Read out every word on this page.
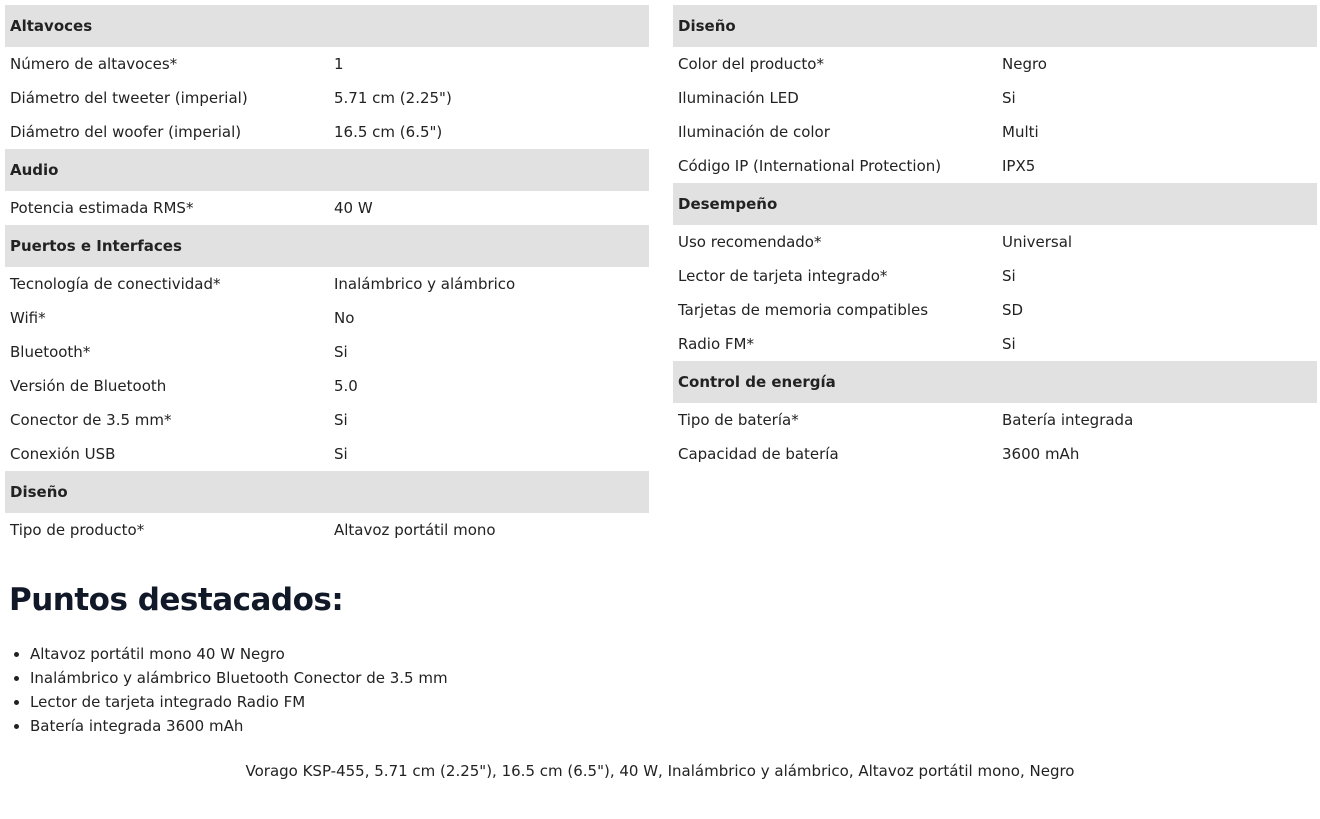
Altavoces
Número de altavoces*	1
Diámetro del tweeter (imperial)	5.71 cm (2.25")
Diámetro del woofer (imperial)	16.5 cm (6.5")
Audio
Potencia estimada RMS*	40 W
Puertos e Interfaces
Tecnología de conectividad*	Inalámbrico y alámbrico
Wifi*	No
Bluetooth*	Si
Versión de Bluetooth	5.0
Conector de 3.5 mm*	Si
Conexión USB	Si
Diseño
Tipo de producto*	Altavoz portátil mono
Diseño
Color del producto*	Negro
Iluminación LED	Si
Iluminación de color	Multi
Código IP (International Protection)	IPX5
Desempeño
Uso recomendado*	Universal
Lector de tarjeta integrado*	Si
Tarjetas de memoria compatibles	SD
Radio FM*	Si
Control de energía
Tipo de batería*	Batería integrada
Capacidad de batería	3600 mAh
Puntos destacados:
• Altavoz portátil mono 40 W Negro
• Inalámbrico y alámbrico Bluetooth Conector de 3.5 mm
• Lector de tarjeta integrado Radio FM
• Batería integrada 3600 mAh
Vorago KSP-455, 5.71 cm (2.25"), 16.5 cm (6.5"), 40 W, Inalámbrico y alámbrico, Altavoz portátil mono, Negro
